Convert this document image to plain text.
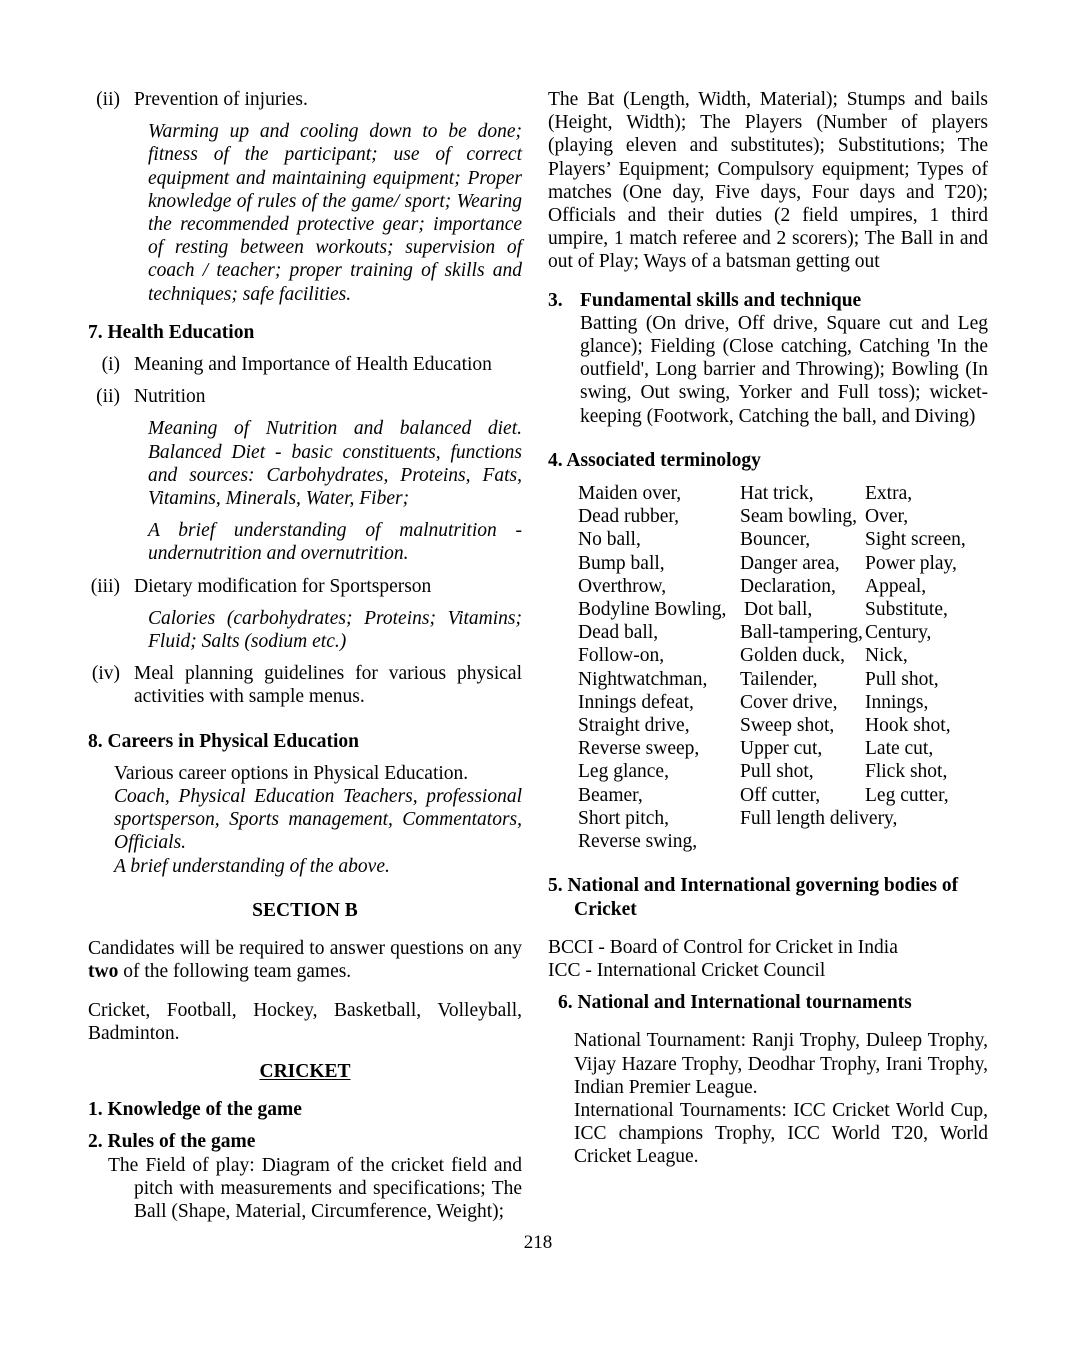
(ii) Prevention of injuries.

Warming up and cooling down to be done; fitness of the participant; use of correct equipment and maintaining equipment; Proper knowledge of rules of the game/ sport; Wearing the recommended protective gear; importance of resting between workouts; supervision of coach / teacher; proper training of skills and techniques; safe facilities.

7. Health Education
(i) Meaning and Importance of Health Education
(ii) Nutrition

Meaning of Nutrition and balanced diet. Balanced Diet - basic constituents, functions and sources: Carbohydrates, Proteins, Fats, Vitamins, Minerals, Water, Fiber;

A brief understanding of malnutrition - undernutrition and overnutrition.

(iii) Dietary modification for Sportsperson

Calories (carbohydrates; Proteins; Vitamins; Fluid; Salts (sodium etc.)

(iv) Meal planning guidelines for various physical activities with sample menus.
8. Careers in Physical Education

Various career options in Physical Education.

Coach, Physical Education Teachers, professional sportsperson, Sports management, Commentators, Officials.

A brief understanding of the above.

SECTION B

Candidates will be required to answer questions on any two of the following team games.

Cricket, Football, Hockey, Basketball, Volleyball, Badminton.

CRICKET
1. Knowledge of the game
2. Rules of the game

The Field of play: Diagram of the cricket field and pitch with measurements and specifications; The Ball (Shape, Material, Circumference, Weight);

The Bat (Length, Width, Material); Stumps and bails (Height, Width); The Players (Number of players (playing eleven and substitutes); Substitutions; The Players’ Equipment; Compulsory equipment; Types of matches (One day, Five days, Four days and T20); Officials and their duties (2 field umpires, 1 third umpire, 1 match referee and 2 scorers); The Ball in and out of Play; Ways of a batsman getting out

3. Fundamental skills and technique

Batting (On drive, Off drive, Square cut and Leg glance); Fielding (Close catching, Catching 'In the outfield', Long barrier and Throwing); Bowling (In swing, Out swing, Yorker and Full toss); wicket-keeping (Footwork, Catching the ball, and Diving)

4. Associated terminology
Maiden over,	Hat trick,	Extra,
Dead rubber,	Seam bowling, Over,
No ball,	Bouncer,	Sight screen,
Bump ball,	Danger area,	Power play,
Overthrow,	Declaration,	Appeal,
Bodyline Bowling, Dot ball,	Substitute,
Dead ball,	Ball-tampering, Century,
Follow-on,	Golden duck,	Nick,
Nightwatchman,	Tailender,	Pull shot,
Innings defeat,	Cover drive,	Innings,
Straight drive,	Sweep shot,	Hook shot,
Reverse sweep,	Upper cut,	Late cut,
Leg glance,	Pull shot,	Flick shot,
Beamer,	Off cutter,	Leg cutter,
Short pitch,	Full length delivery,
Reverse swing,
5. National and International governing bodies of Cricket

BCCI - Board of Control for Cricket in India

ICC - International Cricket Council

6. National and International tournaments

National Tournament: Ranji Trophy, Duleep Trophy, Vijay Hazare Trophy, Deodhar Trophy, Irani Trophy, Indian Premier League.

International Tournaments: ICC Cricket World Cup, ICC champions Trophy, ICC World T20, World Cricket League.

218
